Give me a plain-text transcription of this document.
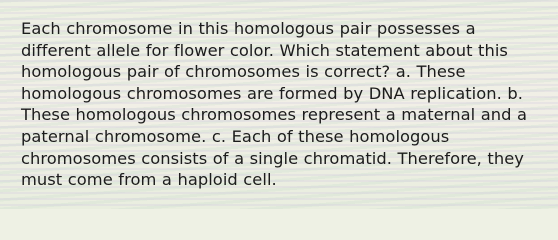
Each chromosome in this homologous pair possesses a different allele for flower color. Which statement about this homologous pair of chromosomes is correct? a. These homologous chromosomes are formed by DNA replication. b. These homologous chromosomes represent a maternal and a paternal chromosome. c. Each of these homologous chromosomes consists of a single chromatid. Therefore, they must come from a haploid cell.
